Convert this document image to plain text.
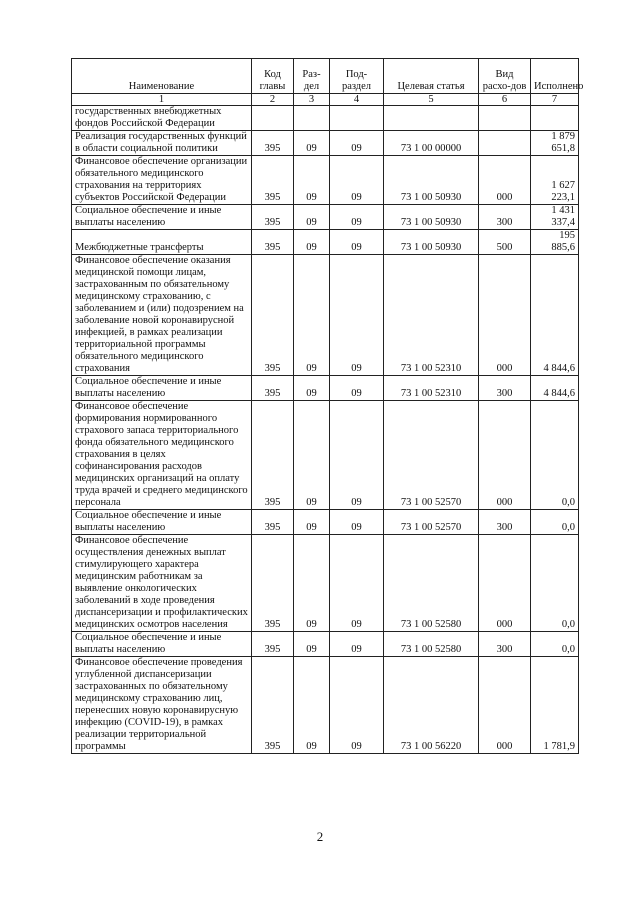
Наименование	Код главы	Раз-дел	Под-раздел	Целевая статья	Вид расхо-дов	Исполнено
1	2	3	4	5	6	7
государственных внебюджетных фондов Российской Федерации						
Реализация государственных функций в области социальной политики	395	09	09	73 1 00 00000		1 879 651,8
Финансовое обеспечение организации обязательного медицинского страхования на территориях субъектов Российской Федерации	395	09	09	73 1 00 50930	000	1 627 223,1
Социальное обеспечение и иные выплаты населению	395	09	09	73 1 00 50930	300	1 431 337,4
Межбюджетные трансферты	395	09	09	73 1 00 50930	500	195 885,6
Финансовое обеспечение оказания медицинской помощи лицам, застрахованным по обязательному медицинскому страхованию, с заболеванием и (или) подозрением на заболевание новой коронавирусной инфекцией, в рамках реализации территориальной программы обязательного медицинского страхования	395	09	09	73 1 00 52310	000	4 844,6
Социальное обеспечение и иные выплаты населению	395	09	09	73 1 00 52310	300	4 844,6
Финансовое обеспечение формирования нормированного страхового запаса территориального фонда обязательного медицинского страхования в целях софинансирования расходов медицинских организаций на оплату труда врачей и среднего медицинского персонала	395	09	09	73 1 00 52570	000	0,0
Социальное обеспечение и иные выплаты населению	395	09	09	73 1 00 52570	300	0,0
Финансовое обеспечение осуществления денежных выплат стимулирующего характера медицинским работникам за выявление онкологических заболеваний в ходе проведения диспансеризации и профилактических медицинских осмотров населения	395	09	09	73 1 00 52580	000	0,0
Социальное обеспечение и иные выплаты населению	395	09	09	73 1 00 52580	300	0,0
Финансовое обеспечение проведения углубленной диспансеризации застрахованных по обязательному медицинскому страхованию лиц, перенесших новую коронавирусную инфекцию (COVID-19), в рамках реализации территориальной программы	395	09	09	73 1 00 56220	000	1 781,9
2
